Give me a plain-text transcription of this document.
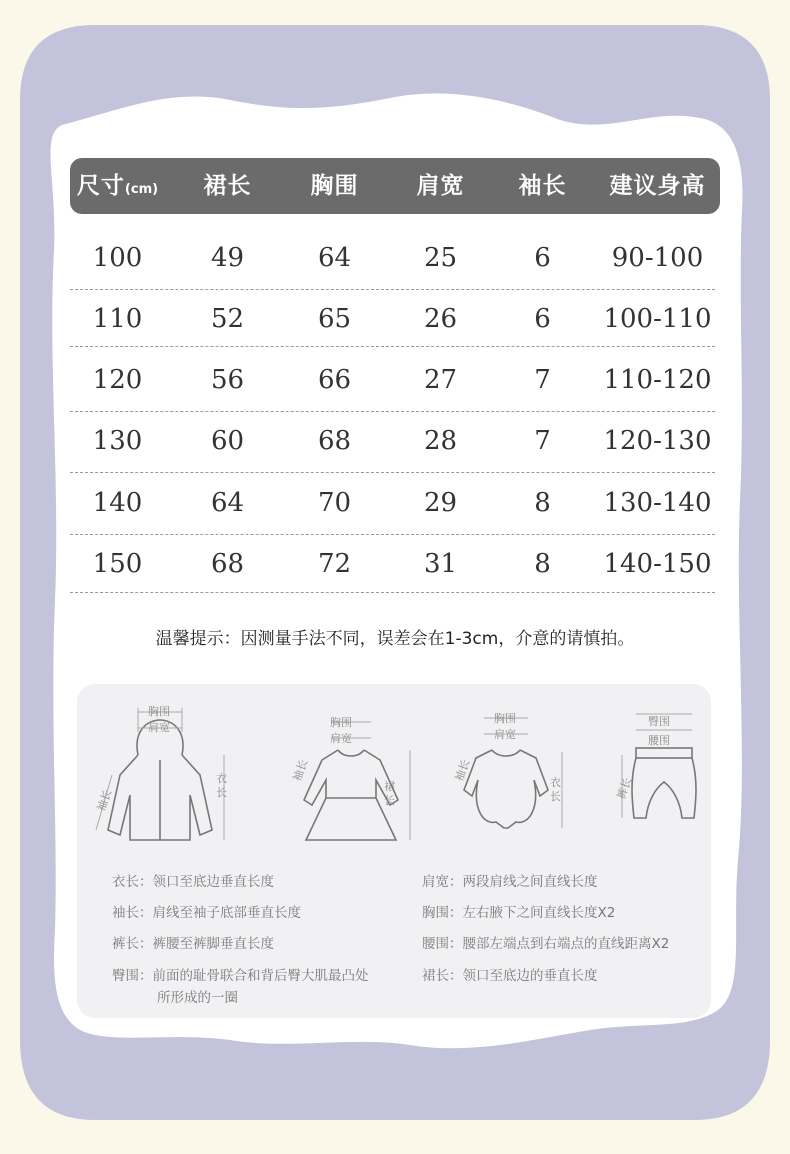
尺寸(cm)	裙长	胸围	肩宽	袖长	建议身高
100	49	64	25	6	90-100
110	52	65	26	6	100-110
120	56	66	27	7	110-120
130	60	68	28	7	120-130
140	64	70	29	8	130-140
150	68	72	31	8	140-150
温馨提示：因测量手法不同，误差会在1-3cm，介意的请慎拍。
胸围
肩宽
衣
长
袖长
胸围
肩宽
裙
长
袖长
胸围
肩宽
衣
长
袖长
臀围
腰围
裤长
衣长：领口至底边垂直长度
袖长：肩线至袖子底部垂直长度
裤长：裤腰至裤脚垂直长度
臀围：前面的耻骨联合和背后臀大肌最凸处
所形成的一圈
肩宽：两段肩线之间直线长度
胸围：左右腋下之间直线长度X2
腰围：腰部左端点到右端点的直线距离X2
裙长：领口至底边的垂直长度
